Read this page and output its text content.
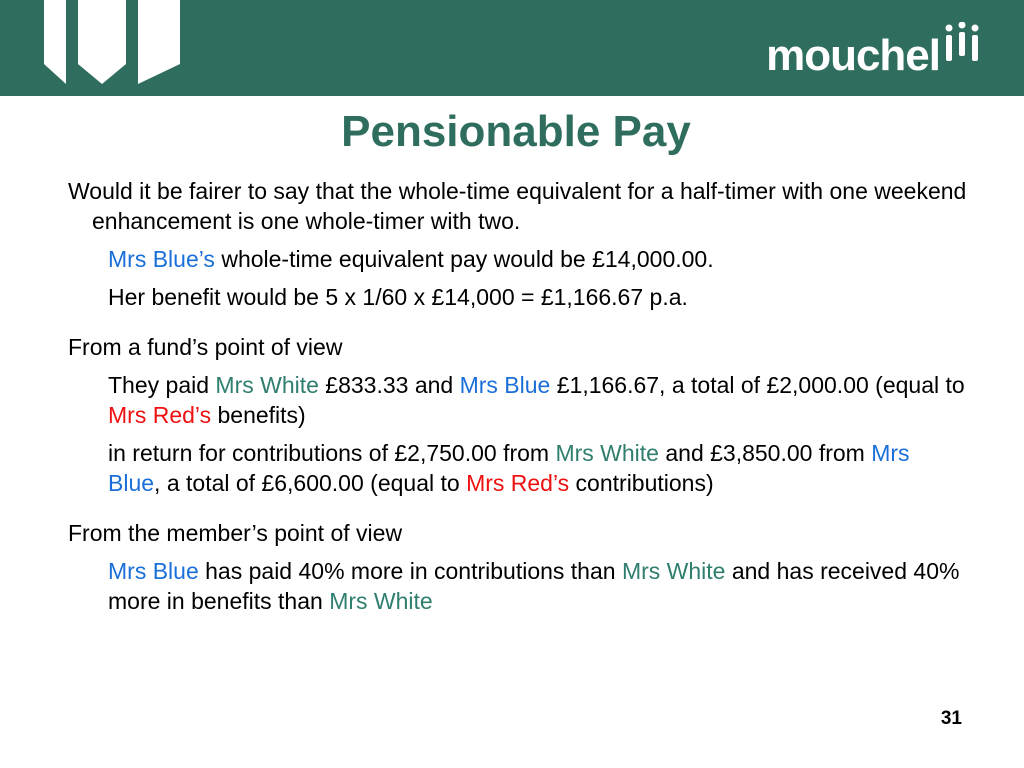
mouchel
Pensionable Pay

Would it be fairer to say that the whole-time equivalent for a half-timer with one weekend enhancement is one whole-timer with two.

Mrs Blue’s whole-time equivalent pay would be £14,000.00.

Her benefit would be 5 x 1/60 x £14,000 = £1,166.67 p.a.

From a fund’s point of view

They paid Mrs White £833.33 and Mrs Blue £1,166.67, a total of £2,000.00 (equal to Mrs Red’s benefits)

in return for contributions of £2,750.00 from Mrs White and £3,850.00 from Mrs Blue, a total of £6,600.00 (equal to Mrs Red’s contributions)

From the member’s point of view

Mrs Blue has paid 40% more in contributions than Mrs White and has received 40% more in benefits than Mrs White

31
